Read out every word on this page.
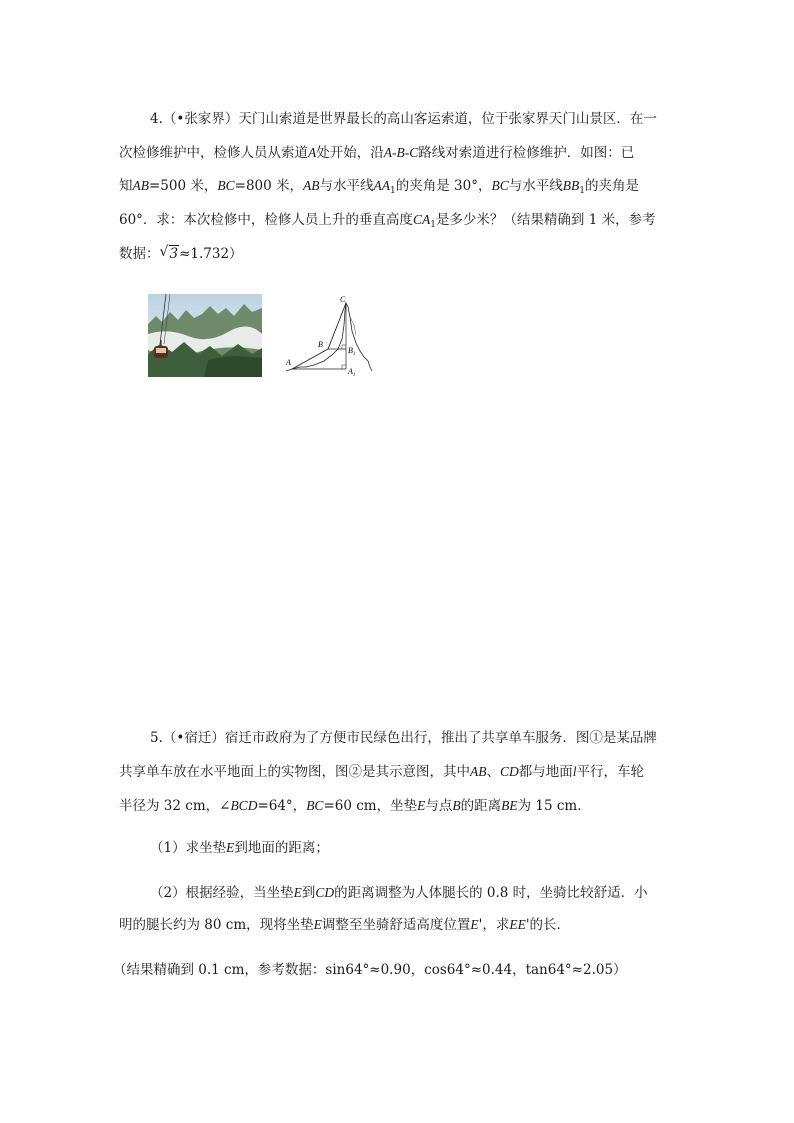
4.（•张家界）天门山索道是世界最长的高山客运索道，位于张家界天门山景区．在一
次检修维护中，检修人员从索道A处开始，沿A-B-C路线对索道进行检修维护．如图：已
知AB=500 米，BC=800 米，AB与水平线$AA_1$的夹角是 30°，BC与水平线$BB_1$的夹角是
60°．求：本次检修中，检修人员上升的垂直高度$CA_1$是多少米？（结果精确到 1 米，参考
数据： √ 3≈1.732）
C
B
$B_1$
A
$A_1$
5.（•宿迁）宿迁市政府为了方便市民绿色出行，推出了共享单车服务．图①是某品牌
共享单车放在水平地面上的实物图，图②是其示意图，其中AB、CD都与地面l平行，车轮
半径为 32 cm，∠BCD=64°，BC=60 cm，坐垫E与点B的距离BE为 15 cm．
（1）求坐垫E到地面的距离；
（2）根据经验，当坐垫E到CD的距离调整为人体腿长的 0.8 时，坐骑比较舒适．小
明的腿长约为 80 cm，现将坐垫E调整至坐骑舒适高度位置E'，求EE'的长．
（结果精确到 0.1 cm，参考数据：sin64°≈0.90，cos64°≈0.44，tan64°≈2.05）
